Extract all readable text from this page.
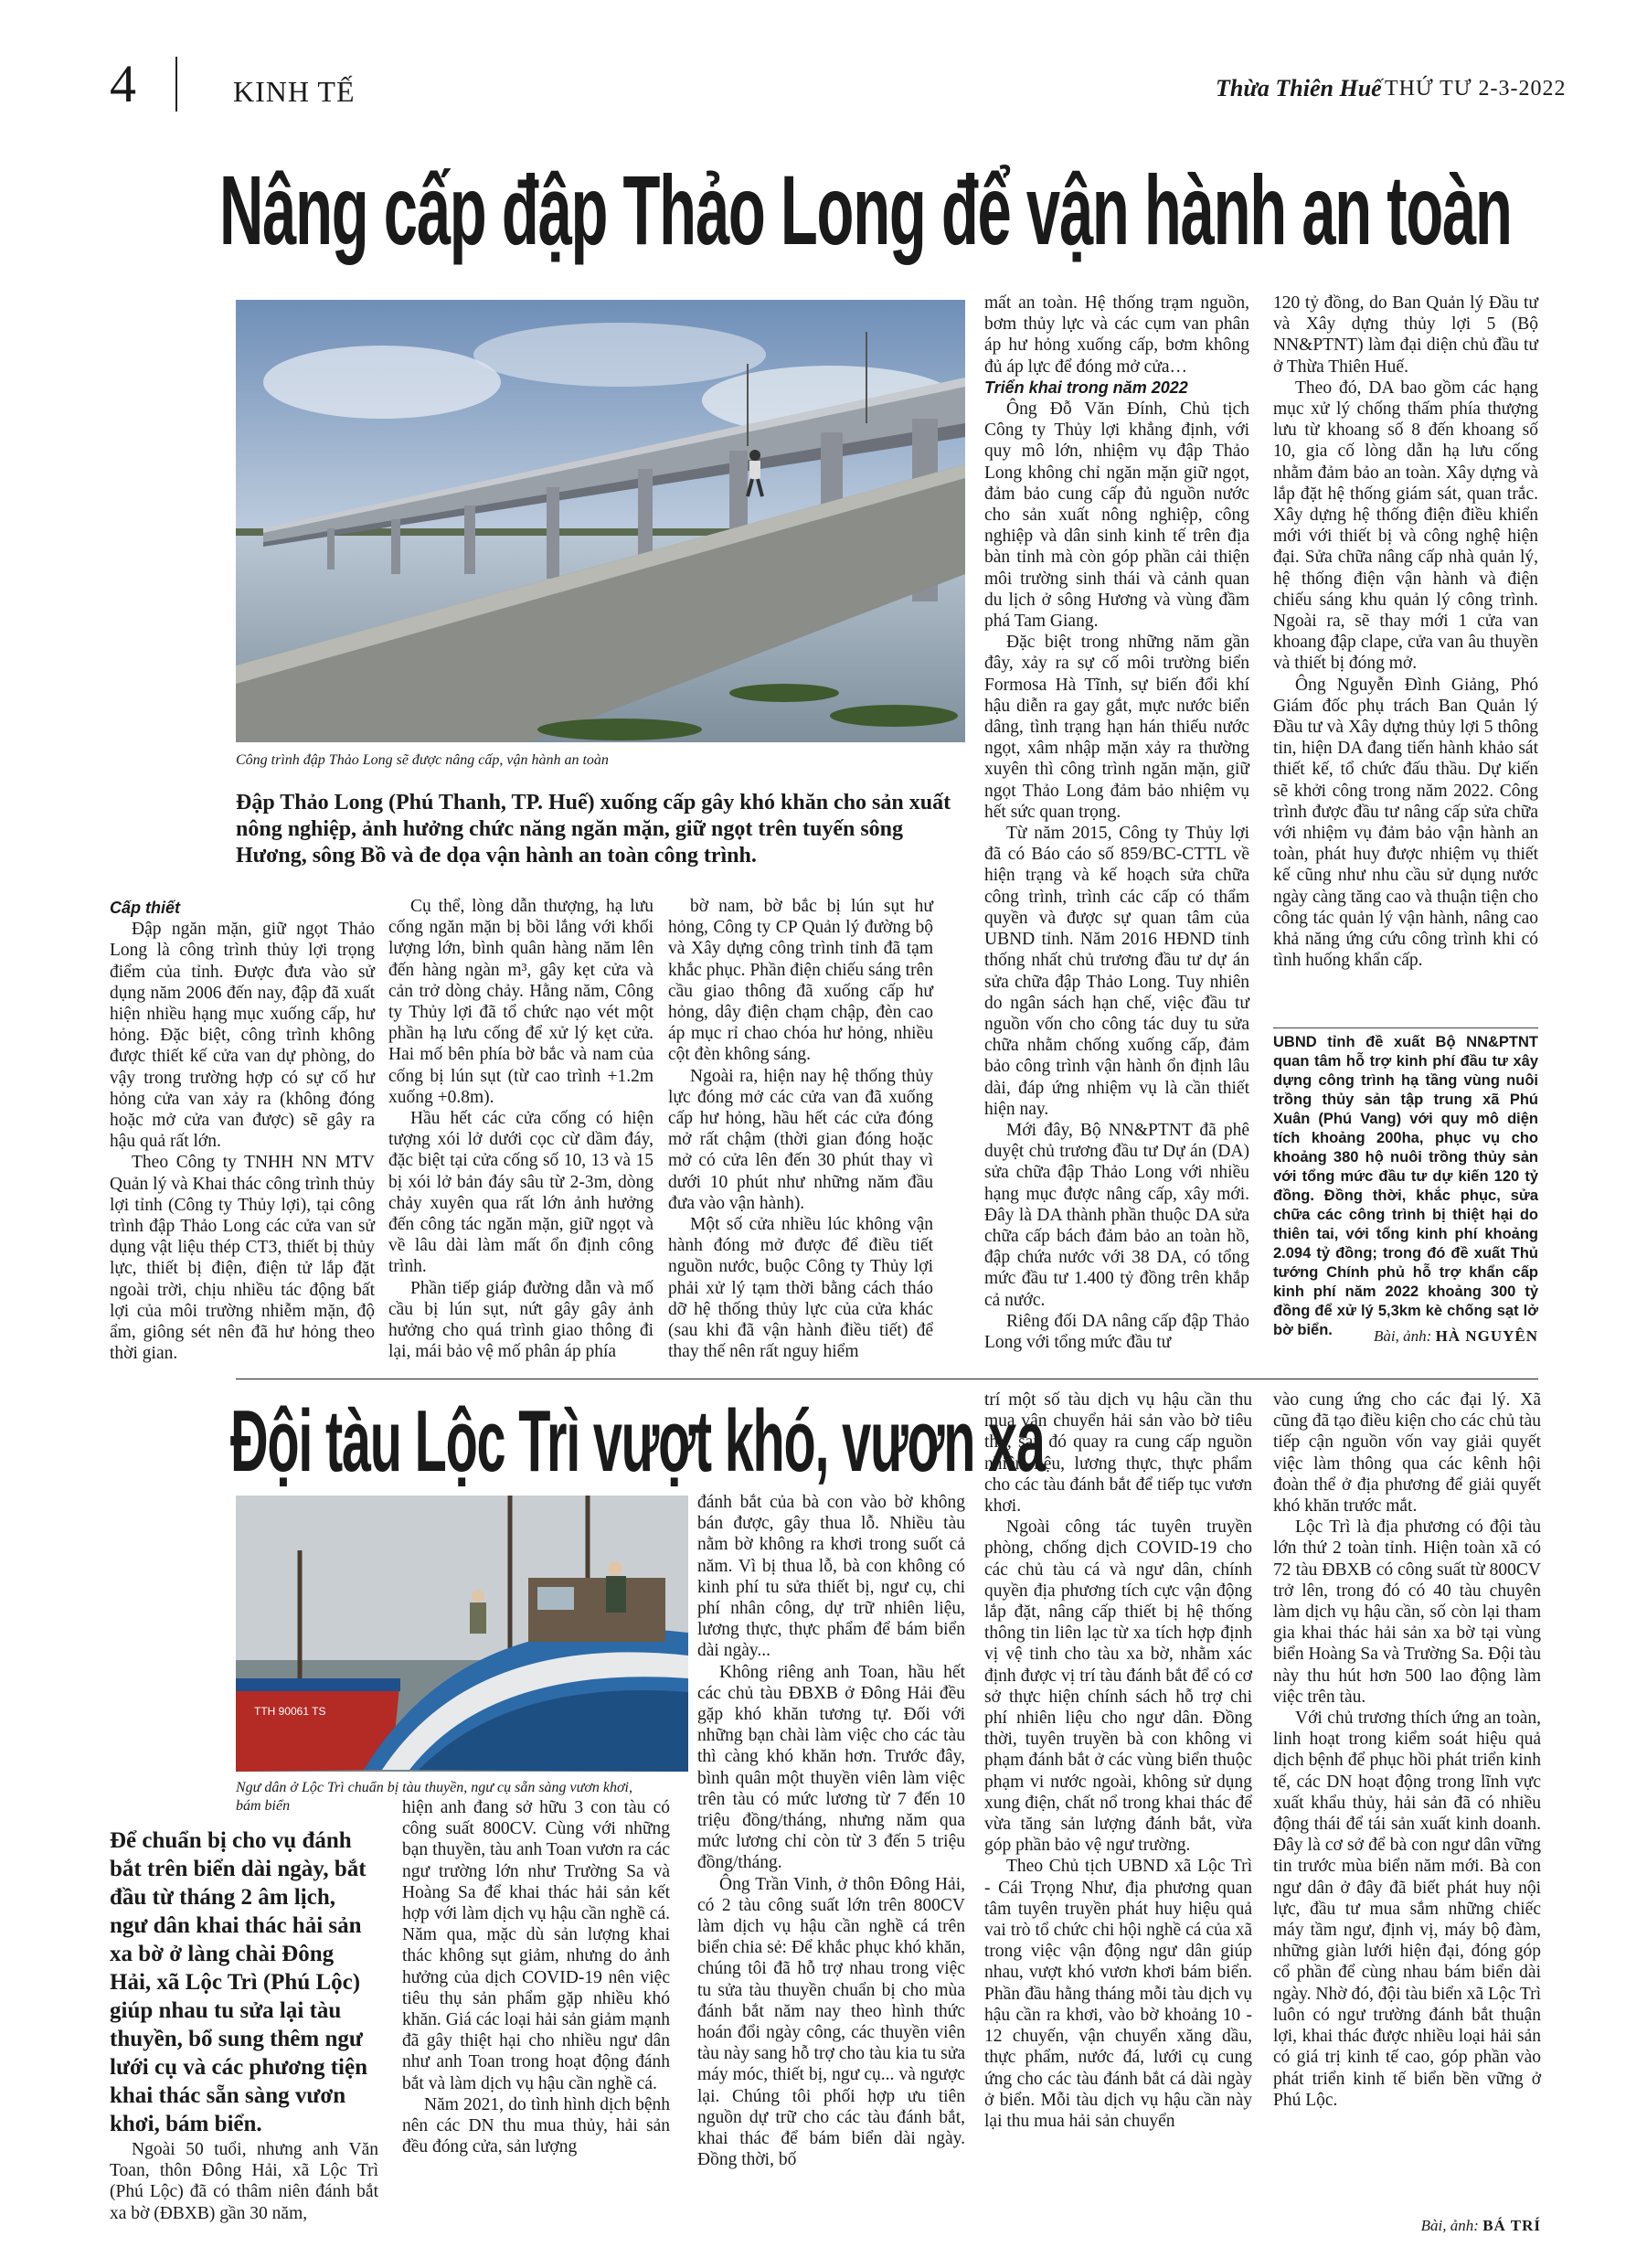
4	KINH TẾ	Thừa Thiên Huế THỨ TƯ 2-3-2022
Nâng cấp đập Thảo Long để vận hành an toàn
Công trình đập Thảo Long sẽ được nâng cấp, vận hành an toàn
Đập Thảo Long (Phú Thanh, TP. Huế) xuống cấp gây khó khăn cho sản xuất nông nghiệp, ảnh hưởng chức năng ngăn mặn, giữ ngọt trên tuyến sông Hương, sông Bồ và đe dọa vận hành an toàn công trình.
Cấp thiết

Đập ngăn mặn, giữ ngọt Thảo Long là công trình thủy lợi trọng điểm của tỉnh. Được đưa vào sử dụng năm 2006 đến nay, đập đã xuất hiện nhiều hạng mục xuống cấp, hư hỏng. Đặc biệt, công trình không được thiết kế cửa van dự phòng, do vậy trong trường hợp có sự cố hư hỏng cửa van xảy ra (không đóng hoặc mở cửa van được) sẽ gây ra hậu quả rất lớn.

Theo Công ty TNHH NN MTV Quản lý và Khai thác công trình thủy lợi tỉnh (Công ty Thủy lợi), tại công trình đập Thảo Long các cửa van sử dụng vật liệu thép CT3, thiết bị thủy lực, thiết bị điện, điện tử lắp đặt ngoài trời, chịu nhiều tác động bất lợi của môi trường nhiễm mặn, độ ẩm, giông sét nên đã hư hỏng theo thời gian.

Cụ thể, lòng dẫn thượng, hạ lưu cống ngăn mặn bị bồi lắng với khối lượng lớn, bình quân hàng năm lên đến hàng ngàn m³, gây kẹt cửa và cản trở dòng chảy. Hằng năm, Công ty Thủy lợi đã tổ chức nạo vét một phần hạ lưu cống để xử lý kẹt cửa. Hai mố bên phía bờ bắc và nam của cống bị lún sụt (từ cao trình +1.2m xuống +0.8m).

Hầu hết các cửa cống có hiện tượng xói lở dưới cọc cừ dầm đáy, đặc biệt tại cửa cống số 10, 13 và 15 bị xói lở bản đáy sâu từ 2-3m, dòng chảy xuyên qua rất lớn ảnh hưởng đến công tác ngăn mặn, giữ ngọt và về lâu dài làm mất ổn định công trình.

Phần tiếp giáp đường dẫn và mố cầu bị lún sụt, nứt gây gây ảnh hưởng cho quá trình giao thông đi lại, mái bảo vệ mố phân áp phía

bờ nam, bờ bắc bị lún sụt hư hỏng, Công ty CP Quản lý đường bộ và Xây dựng công trình tỉnh đã tạm khắc phục. Phần điện chiếu sáng trên cầu giao thông đã xuống cấp hư hỏng, dây điện chạm chập, đèn cao áp mục rỉ chao chóa hư hỏng, nhiều cột đèn không sáng.

Ngoài ra, hiện nay hệ thống thủy lực đóng mở các cửa van đã xuống cấp hư hỏng, hầu hết các cửa đóng mở rất chậm (thời gian đóng hoặc mở có cửa lên đến 30 phút thay vì dưới 10 phút như những năm đầu đưa vào vận hành).

Một số cửa nhiều lúc không vận hành đóng mở được để điều tiết nguồn nước, buộc Công ty Thủy lợi phải xử lý tạm thời bằng cách tháo dỡ hệ thống thủy lực của cửa khác (sau khi đã vận hành điều tiết) để thay thế nên rất nguy hiểm

mất an toàn. Hệ thống trạm nguồn, bơm thủy lực và các cụm van phân áp hư hỏng xuống cấp, bơm không đủ áp lực để đóng mở cửa…

Triển khai trong năm 2022

Ông Đỗ Văn Đính, Chủ tịch Công ty Thủy lợi khẳng định, với quy mô lớn, nhiệm vụ đập Thảo Long không chỉ ngăn mặn giữ ngọt, đảm bảo cung cấp đủ nguồn nước cho sản xuất nông nghiệp, công nghiệp và dân sinh kinh tế trên địa bàn tỉnh mà còn góp phần cải thiện môi trường sinh thái và cảnh quan du lịch ở sông Hương và vùng đầm phá Tam Giang.

Đặc biệt trong những năm gần đây, xảy ra sự cố môi trường biển Formosa Hà Tĩnh, sự biến đổi khí hậu diễn ra gay gắt, mực nước biển dâng, tình trạng hạn hán thiếu nước ngọt, xâm nhập mặn xảy ra thường xuyên thì công trình ngăn mặn, giữ ngọt Thảo Long đảm bảo nhiệm vụ hết sức quan trọng.

Từ năm 2015, Công ty Thủy lợi đã có Báo cáo số 859/BC-CTTL về hiện trạng và kế hoạch sửa chữa công trình, trình các cấp có thẩm quyền và được sự quan tâm của UBND tỉnh. Năm 2016 HĐND tỉnh thống nhất chủ trương đầu tư dự án sửa chữa đập Thảo Long. Tuy nhiên do ngân sách hạn chế, việc đầu tư nguồn vốn cho công tác duy tu sửa chữa nhằm chống xuống cấp, đảm bảo công trình vận hành ổn định lâu dài, đáp ứng nhiệm vụ là cần thiết hiện nay.

Mới đây, Bộ NN&PTNT đã phê duyệt chủ trương đầu tư Dự án (DA) sửa chữa đập Thảo Long với nhiều hạng mục được nâng cấp, xây mới. Đây là DA thành phần thuộc DA sửa chữa cấp bách đảm bảo an toàn hồ, đập chứa nước với 38 DA, có tổng mức đầu tư 1.400 tỷ đồng trên khắp cả nước.

Riêng đối DA nâng cấp đập Thảo Long với tổng mức đầu tư

120 tỷ đồng, do Ban Quản lý Đầu tư và Xây dựng thủy lợi 5 (Bộ NN&PTNT) làm đại diện chủ đầu tư ở Thừa Thiên Huế.

Theo đó, DA bao gồm các hạng mục xử lý chống thấm phía thượng lưu từ khoang số 8 đến khoang số 10, gia cố lòng dẫn hạ lưu cống nhằm đảm bảo an toàn. Xây dựng và lắp đặt hệ thống giám sát, quan trắc. Xây dựng hệ thống điện điều khiển mới với thiết bị và công nghệ hiện đại. Sửa chữa nâng cấp nhà quản lý, hệ thống điện vận hành và điện chiếu sáng khu quản lý công trình. Ngoài ra, sẽ thay mới 1 cửa van khoang đập clape, cửa van âu thuyền và thiết bị đóng mở.

Ông Nguyễn Đình Giảng, Phó Giám đốc phụ trách Ban Quản lý Đầu tư và Xây dựng thủy lợi 5 thông tin, hiện DA đang tiến hành khảo sát thiết kế, tổ chức đấu thầu. Dự kiến sẽ khởi công trong năm 2022. Công trình được đầu tư nâng cấp sửa chữa với nhiệm vụ đảm bảo vận hành an toàn, phát huy được nhiệm vụ thiết kế cũng như nhu cầu sử dụng nước ngày càng tăng cao và thuận tiện cho công tác quản lý vận hành, nâng cao khả năng ứng cứu công trình khi có tình huống khẩn cấp.

UBND tỉnh đề xuất Bộ NN&PTNT quan tâm hỗ trợ kinh phí đầu tư xây dựng công trình hạ tầng vùng nuôi trồng thủy sản tập trung xã Phú Xuân (Phú Vang) với quy mô diện tích khoảng 200ha, phục vụ cho khoảng 380 hộ nuôi trồng thủy sản với tổng mức đầu tư dự kiến 120 tỷ đồng. Đồng thời, khắc phục, sửa chữa các công trình bị thiệt hại do thiên tai, với tổng kinh phí khoảng 2.094 tỷ đồng; trong đó đề xuất Thủ tướng Chính phủ hỗ trợ khẩn cấp kinh phí năm 2022 khoảng 300 tỷ đồng để xử lý 5,3km kè chống sạt lở bờ biển.	Bài, ảnh: HÀ NGUYÊN
Đội tàu Lộc Trì vượt khó, vươn xa
TTH 90061 TS
Ngư dân ở Lộc Trì chuẩn bị tàu thuyền, ngư cụ sẵn sàng vươn khơi, bám biển
Để chuẩn bị cho vụ đánh bắt trên biển dài ngày, bắt đầu từ tháng 2 âm lịch, ngư dân khai thác hải sản xa bờ ở làng chài Đông Hải, xã Lộc Trì (Phú Lộc) giúp nhau tu sửa lại tàu thuyền, bổ sung thêm ngư lưới cụ và các phương tiện khai thác sẵn sàng vươn khơi, bám biển.

Ngoài 50 tuổi, nhưng anh Văn Toan, thôn Đông Hải, xã Lộc Trì (Phú Lộc) đã có thâm niên đánh bắt xa bờ (ĐBXB) gần 30 năm,

hiện anh đang sở hữu 3 con tàu có công suất 800CV. Cùng với những bạn thuyền, tàu anh Toan vươn ra các ngư trường lớn như Trường Sa và Hoàng Sa để khai thác hải sản kết hợp với làm dịch vụ hậu cần nghề cá. Năm qua, mặc dù sản lượng khai thác không sụt giảm, nhưng do ảnh hưởng của dịch COVID-19 nên việc tiêu thụ sản phẩm gặp nhiều khó khăn. Giá các loại hải sản giảm mạnh đã gây thiệt hại cho nhiều ngư dân như anh Toan trong hoạt động đánh bắt và làm dịch vụ hậu cần nghề cá.

Năm 2021, do tình hình dịch bệnh nên các DN thu mua thủy, hải sản đều đóng cửa, sản lượng

đánh bắt của bà con vào bờ không bán được, gây thua lỗ. Nhiều tàu nằm bờ không ra khơi trong suốt cả năm. Vì bị thua lỗ, bà con không có kinh phí tu sửa thiết bị, ngư cụ, chi phí nhân công, dự trữ nhiên liệu, lương thực, thực phẩm để bám biển dài ngày...

Không riêng anh Toan, hầu hết các chủ tàu ĐBXB ở Đông Hải đều gặp khó khăn tương tự. Đối với những bạn chài làm việc cho các tàu thì càng khó khăn hơn. Trước đây, bình quân một thuyền viên làm việc trên tàu có mức lương từ 7 đến 10 triệu đồng/tháng, nhưng năm qua mức lương chỉ còn từ 3 đến 5 triệu đồng/tháng.

Ông Trần Vinh, ở thôn Đông Hải, có 2 tàu công suất lớn trên 800CV làm dịch vụ hậu cần nghề cá trên biển chia sẻ: Để khắc phục khó khăn, chúng tôi đã hỗ trợ nhau trong việc tu sửa tàu thuyền chuẩn bị cho mùa đánh bắt năm nay theo hình thức hoán đổi ngày công, các thuyền viên tàu này sang hỗ trợ cho tàu kia tu sửa máy móc, thiết bị, ngư cụ... và ngược lại. Chúng tôi phối hợp ưu tiên nguồn dự trữ cho các tàu đánh bắt, khai thác để bám biển dài ngày. Đồng thời, bố

trí một số tàu dịch vụ hậu cần thu mua vận chuyển hải sản vào bờ tiêu thụ, sau đó quay ra cung cấp nguồn nhiên liệu, lương thực, thực phẩm cho các tàu đánh bắt để tiếp tục vươn khơi.

Ngoài công tác tuyên truyền phòng, chống dịch COVID-19 cho các chủ tàu cá và ngư dân, chính quyền địa phương tích cực vận động lắp đặt, nâng cấp thiết bị hệ thống thông tin liên lạc từ xa tích hợp định vị vệ tinh cho tàu xa bờ, nhằm xác định được vị trí tàu đánh bắt để có cơ sở thực hiện chính sách hỗ trợ chi phí nhiên liệu cho ngư dân. Đồng thời, tuyên truyền bà con không vi phạm đánh bắt ở các vùng biển thuộc phạm vi nước ngoài, không sử dụng xung điện, chất nổ trong khai thác để vừa tăng sản lượng đánh bắt, vừa góp phần bảo vệ ngư trường.

Theo Chủ tịch UBND xã Lộc Trì - Cái Trọng Như, địa phương quan tâm tuyên truyền phát huy hiệu quả vai trò tổ chức chi hội nghề cá của xã trong việc vận động ngư dân giúp nhau, vượt khó vươn khơi bám biển. Phần đầu hằng tháng mỗi tàu dịch vụ hậu cần ra khơi, vào bờ khoảng 10 - 12 chuyến, vận chuyển xăng dầu, thực phẩm, nước đá, lưới cụ cung ứng cho các tàu đánh bắt cá dài ngày ở biển. Mỗi tàu dịch vụ hậu cần này lại thu mua hải sản chuyển

vào cung ứng cho các đại lý. Xã cũng đã tạo điều kiện cho các chủ tàu tiếp cận nguồn vốn vay giải quyết việc làm thông qua các kênh hội đoàn thể ở địa phương để giải quyết khó khăn trước mắt.

Lộc Trì là địa phương có đội tàu lớn thứ 2 toàn tỉnh. Hiện toàn xã có 72 tàu ĐBXB có công suất từ 800CV trở lên, trong đó có 40 tàu chuyên làm dịch vụ hậu cần, số còn lại tham gia khai thác hải sản xa bờ tại vùng biển Hoàng Sa và Trường Sa. Đội tàu này thu hút hơn 500 lao động làm việc trên tàu.

Với chủ trương thích ứng an toàn, linh hoạt trong kiểm soát hiệu quả dịch bệnh để phục hồi phát triển kinh tế, các DN hoạt động trong lĩnh vực xuất khẩu thủy, hải sản đã có nhiều động thái để tái sản xuất kinh doanh. Đây là cơ sở để bà con ngư dân vững tin trước mùa biển năm mới. Bà con ngư dân ở đây đã biết phát huy nội lực, đầu tư mua sắm những chiếc máy tầm ngư, định vị, máy bộ đàm, những giàn lưới hiện đại, đóng góp cổ phần để cùng nhau bám biển dài ngày. Nhờ đó, đội tàu biển xã Lộc Trì luôn có ngư trường đánh bắt thuận lợi, khai thác được nhiều loại hải sản có giá trị kinh tế cao, góp phần vào phát triển kinh tế biển bền vững ở Phú Lộc.

Bài, ảnh: BÁ TRÍ
